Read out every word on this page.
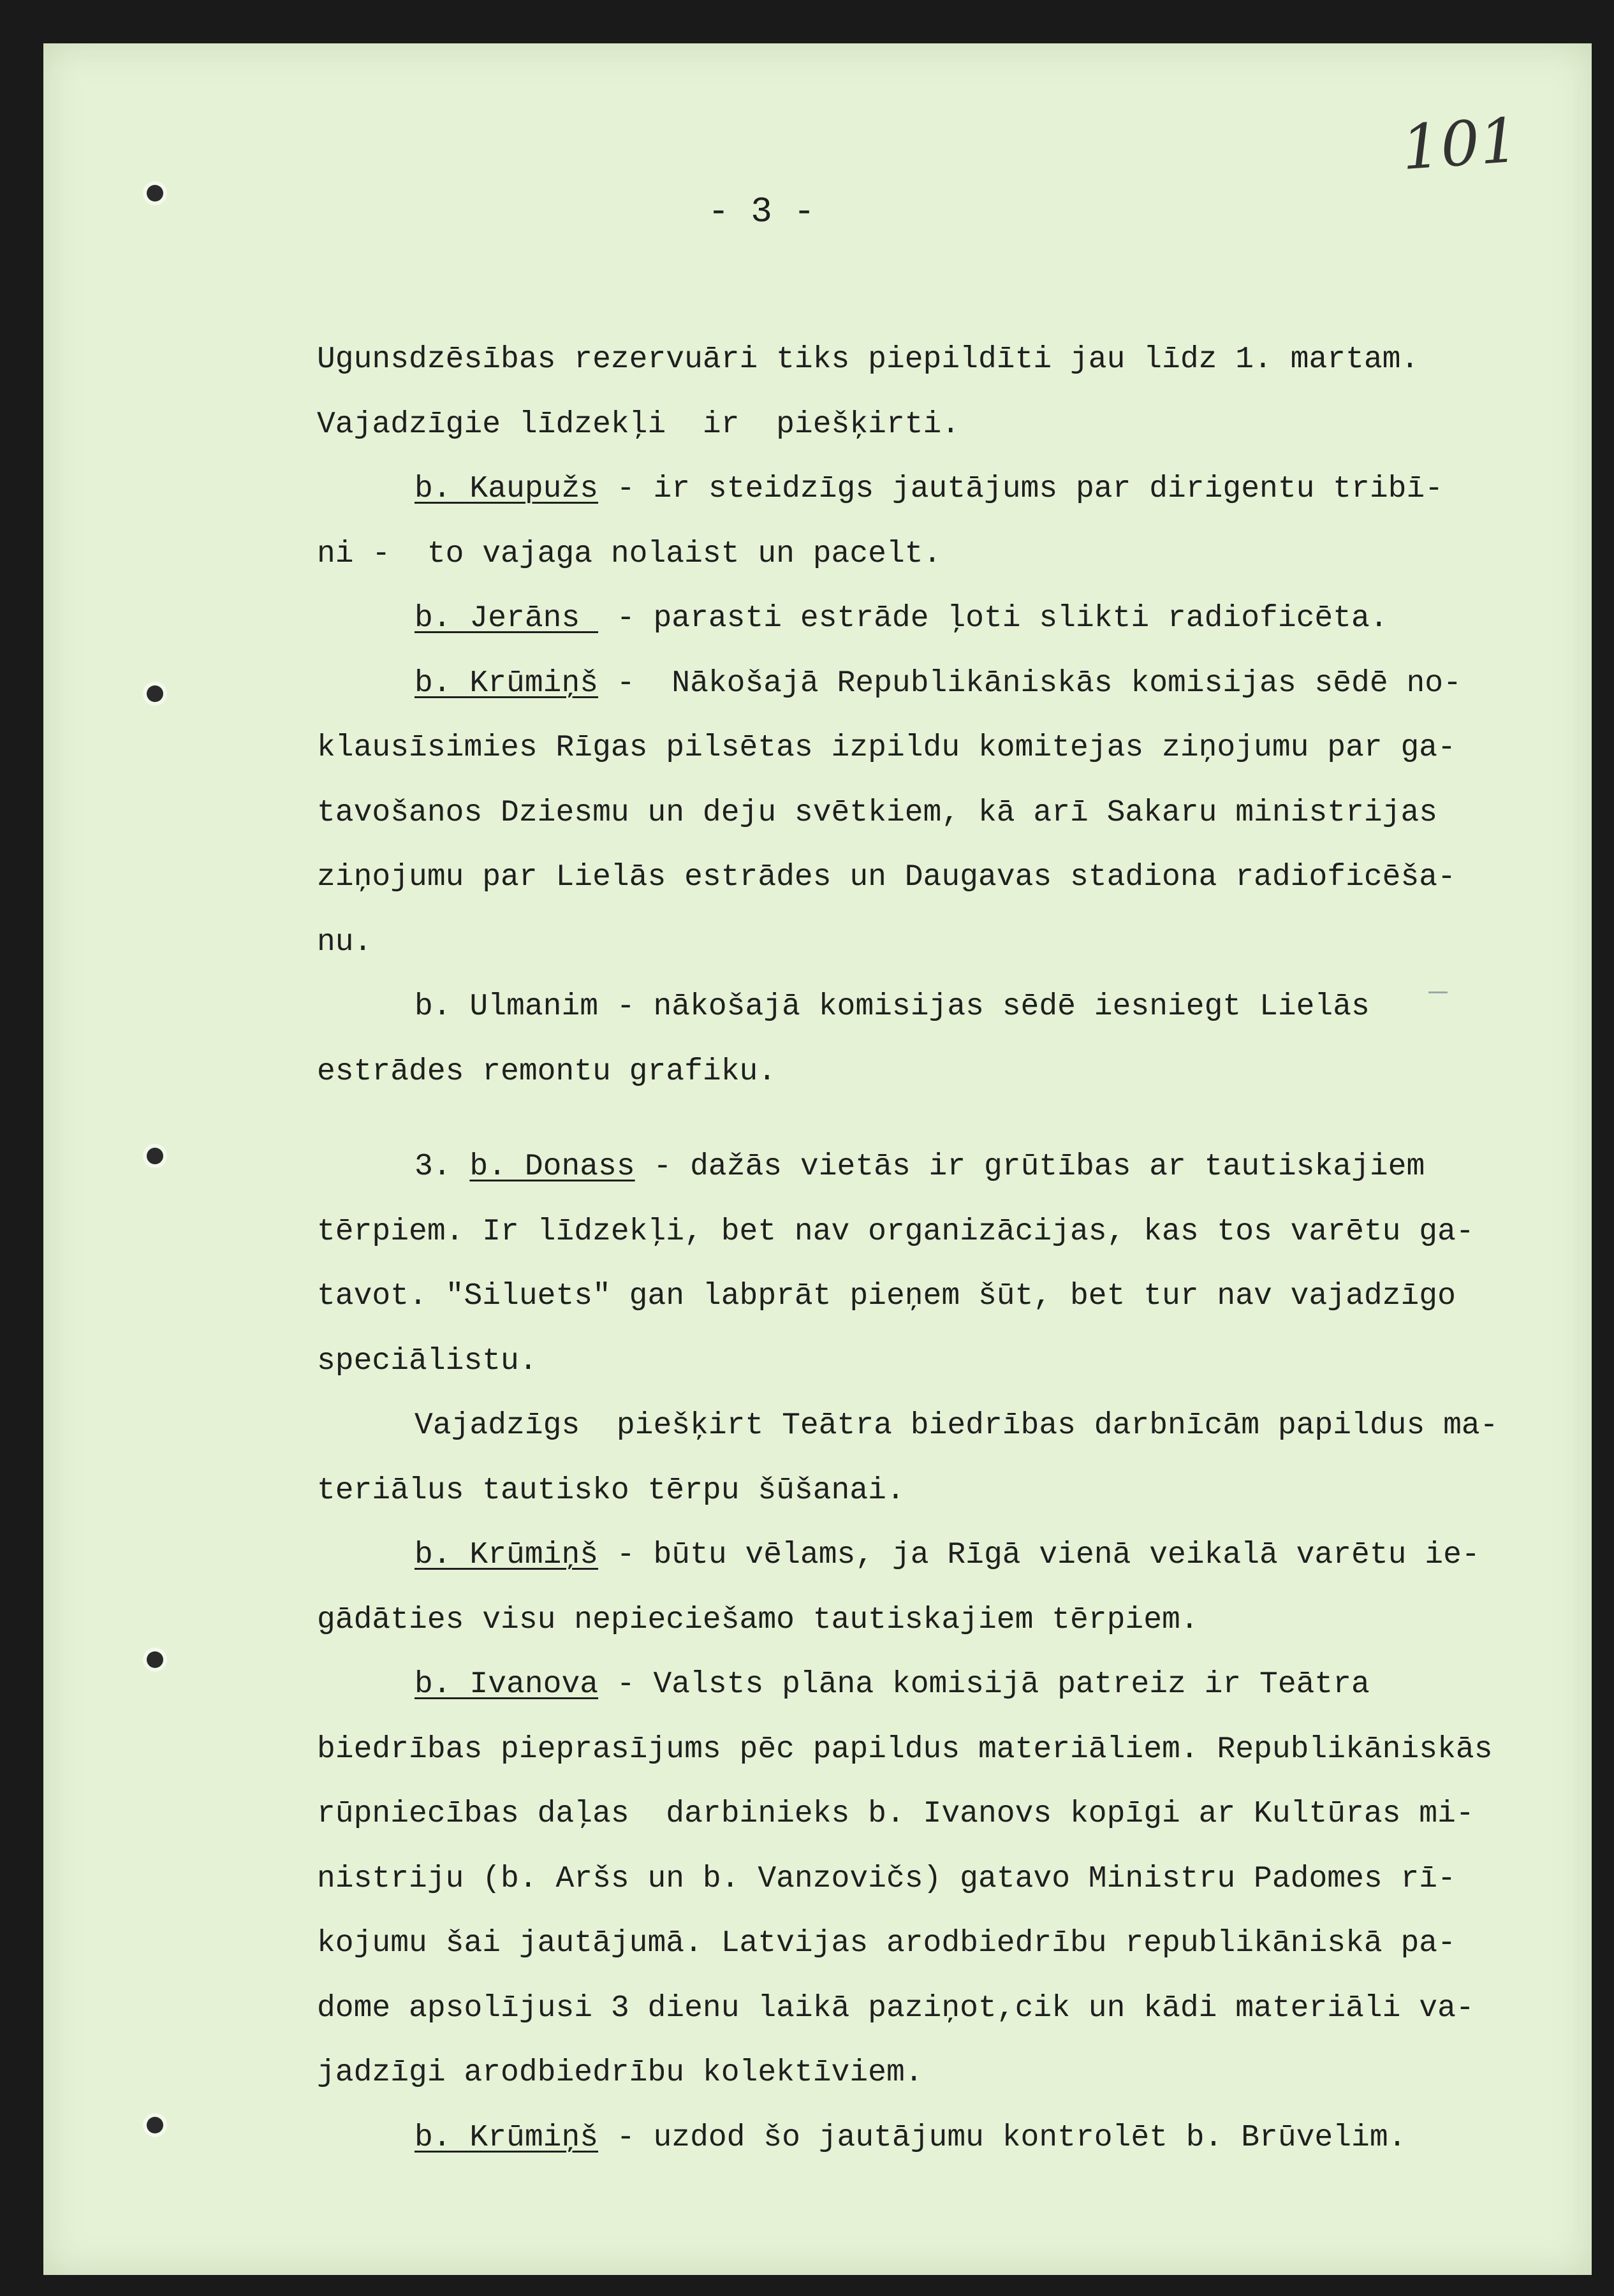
101
- 3 -
Ugunsdzēsības rezervuāri tiks piepildīti jau līdz 1. martam.
Vajadzīgie līdzekļi  ir  piešķirti.
b. Kaupužs - ir steidzīgs jautājums par dirigentu tribī-
ni -  to vajaga nolaist un pacelt.
b. Jerāns  - parasti estrāde ļoti slikti radioficēta.
b. Krūmiņš -  Nākošajā Republikāniskās komisijas sēdē no-
klausīsimies Rīgas pilsētas izpildu komitejas ziņojumu par ga-
tavošanos Dziesmu un deju svētkiem, kā arī Sakaru ministrijas
ziņojumu par Lielās estrādes un Daugavas stadiona radioficēša-
nu.
b. Ulmanim - nākošajā komisijas sēdē iesniegt Lielās
estrādes remontu grafiku.
3. b. Donass - dažās vietās ir grūtības ar tautiskajiem
tērpiem. Ir līdzekļi, bet nav organizācijas, kas tos varētu ga-
tavot. "Siluets" gan labprāt pieņem šūt, bet tur nav vajadzīgo
speciālistu.
Vajadzīgs  piešķirt Teātra biedrības darbnīcām papildus ma-
teriālus tautisko tērpu šūšanai.
b. Krūmiņš - būtu vēlams, ja Rīgā vienā veikalā varētu ie-
gādāties visu nepieciešamo tautiskajiem tērpiem.
b. Ivanova - Valsts plāna komisijā patreiz ir Teātra
biedrības pieprasījums pēc papildus materiāliem. Republikāniskās
rūpniecības daļas  darbinieks b. Ivanovs kopīgi ar Kultūras mi-
nistriju (b. Aršs un b. Vanzovičs) gatavo Ministru Padomes rī-
kojumu šai jautājumā. Latvijas arodbiedrību republikāniskā pa-
dome apsolījusi 3 dienu laikā paziņot,cik un kādi materiāli va-
jadzīgi arodbiedrību kolektīviem.
b. Krūmiņš - uzdod šo jautājumu kontrolēt b. Brūvelim.
